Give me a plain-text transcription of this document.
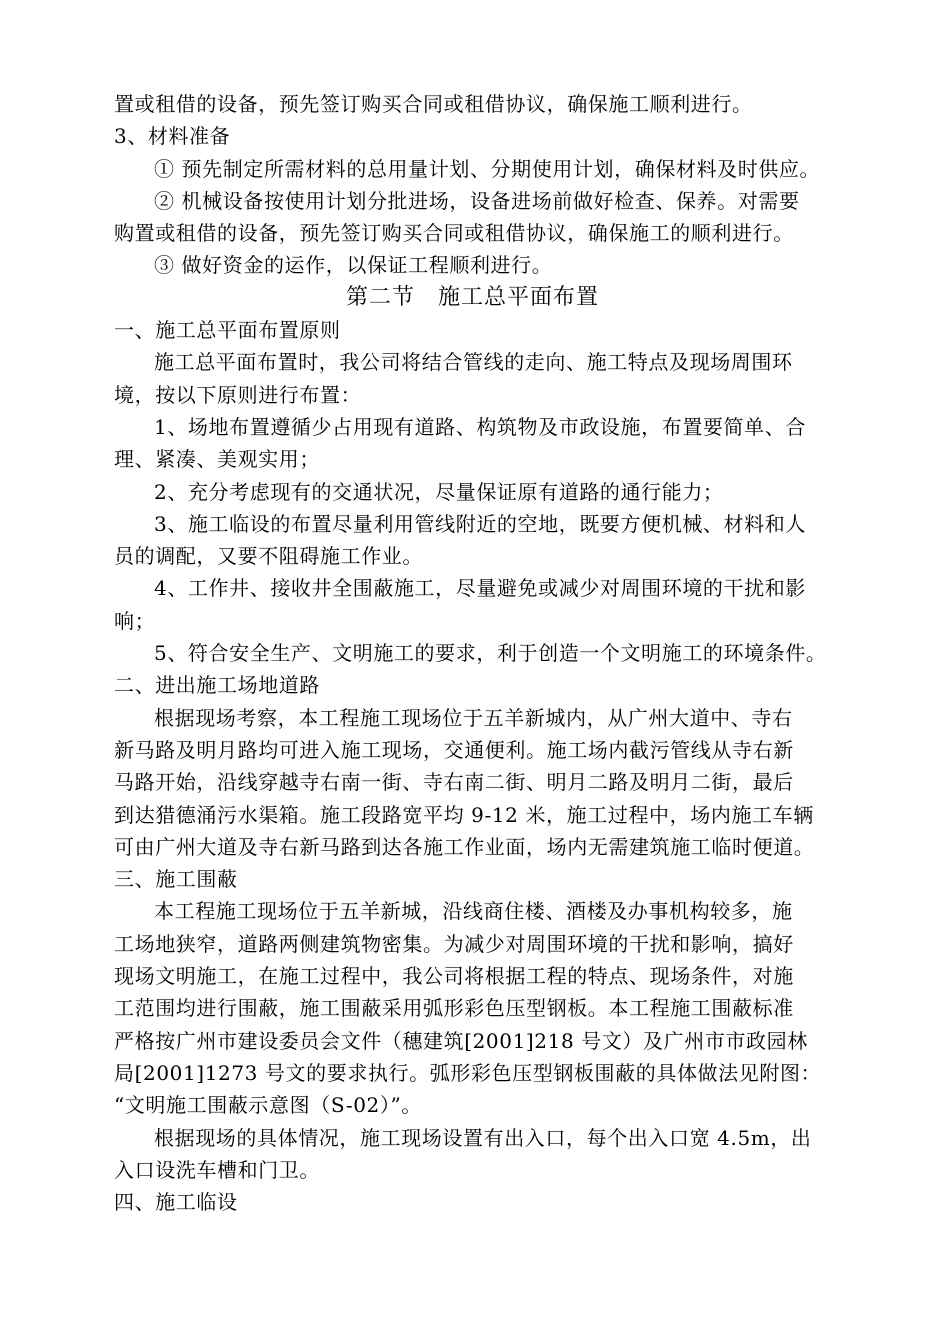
置或租借的设备，预先签订购买合同或租借协议，确保施工顺利进行。
3、材料准备
① 预先制定所需材料的总用量计划、分期使用计划，确保材料及时供应。
② 机械设备按使用计划分批进场，设备进场前做好检查、保养。对需要
购置或租借的设备，预先签订购买合同或租借协议，确保施工的顺利进行。
③ 做好资金的运作，以保证工程顺利进行。
第二节　施工总平面布置
一、施工总平面布置原则
施工总平面布置时，我公司将结合管线的走向、施工特点及现场周围环
境，按以下原则进行布置：
1、场地布置遵循少占用现有道路、构筑物及市政设施，布置要简单、合
理、紧凑、美观实用；
2、充分考虑现有的交通状况，尽量保证原有道路的通行能力；
3、施工临设的布置尽量利用管线附近的空地，既要方便机械、材料和人
员的调配，又要不阻碍施工作业。
4、工作井、接收井全围蔽施工，尽量避免或减少对周围环境的干扰和影
响；
5、符合安全生产、文明施工的要求，利于创造一个文明施工的环境条件。
二、进出施工场地道路
根据现场考察，本工程施工现场位于五羊新城内，从广州大道中、寺右
新马路及明月路均可进入施工现场，交通便利。施工场内截污管线从寺右新
马路开始，沿线穿越寺右南一街、寺右南二街、明月二路及明月二街，最后
到达猎德涌污水渠箱。施工段路宽平均 9-12 米，施工过程中，场内施工车辆
可由广州大道及寺右新马路到达各施工作业面，场内无需建筑施工临时便道。
三、施工围蔽
本工程施工现场位于五羊新城，沿线商住楼、酒楼及办事机构较多，施
工场地狭窄，道路两侧建筑物密集。为减少对周围环境的干扰和影响，搞好
现场文明施工，在施工过程中，我公司将根据工程的特点、现场条件，对施
工范围均进行围蔽，施工围蔽采用弧形彩色压型钢板。本工程施工围蔽标准
严格按广州市建设委员会文件（穗建筑[2001]218 号文）及广州市市政园林
局[2001]1273 号文的要求执行。弧形彩色压型钢板围蔽的具体做法见附图：
“文明施工围蔽示意图（S-02）”。
根据现场的具体情况，施工现场设置有出入口，每个出入口宽 4.5m，出
入口设洗车槽和门卫。
四、施工临设
